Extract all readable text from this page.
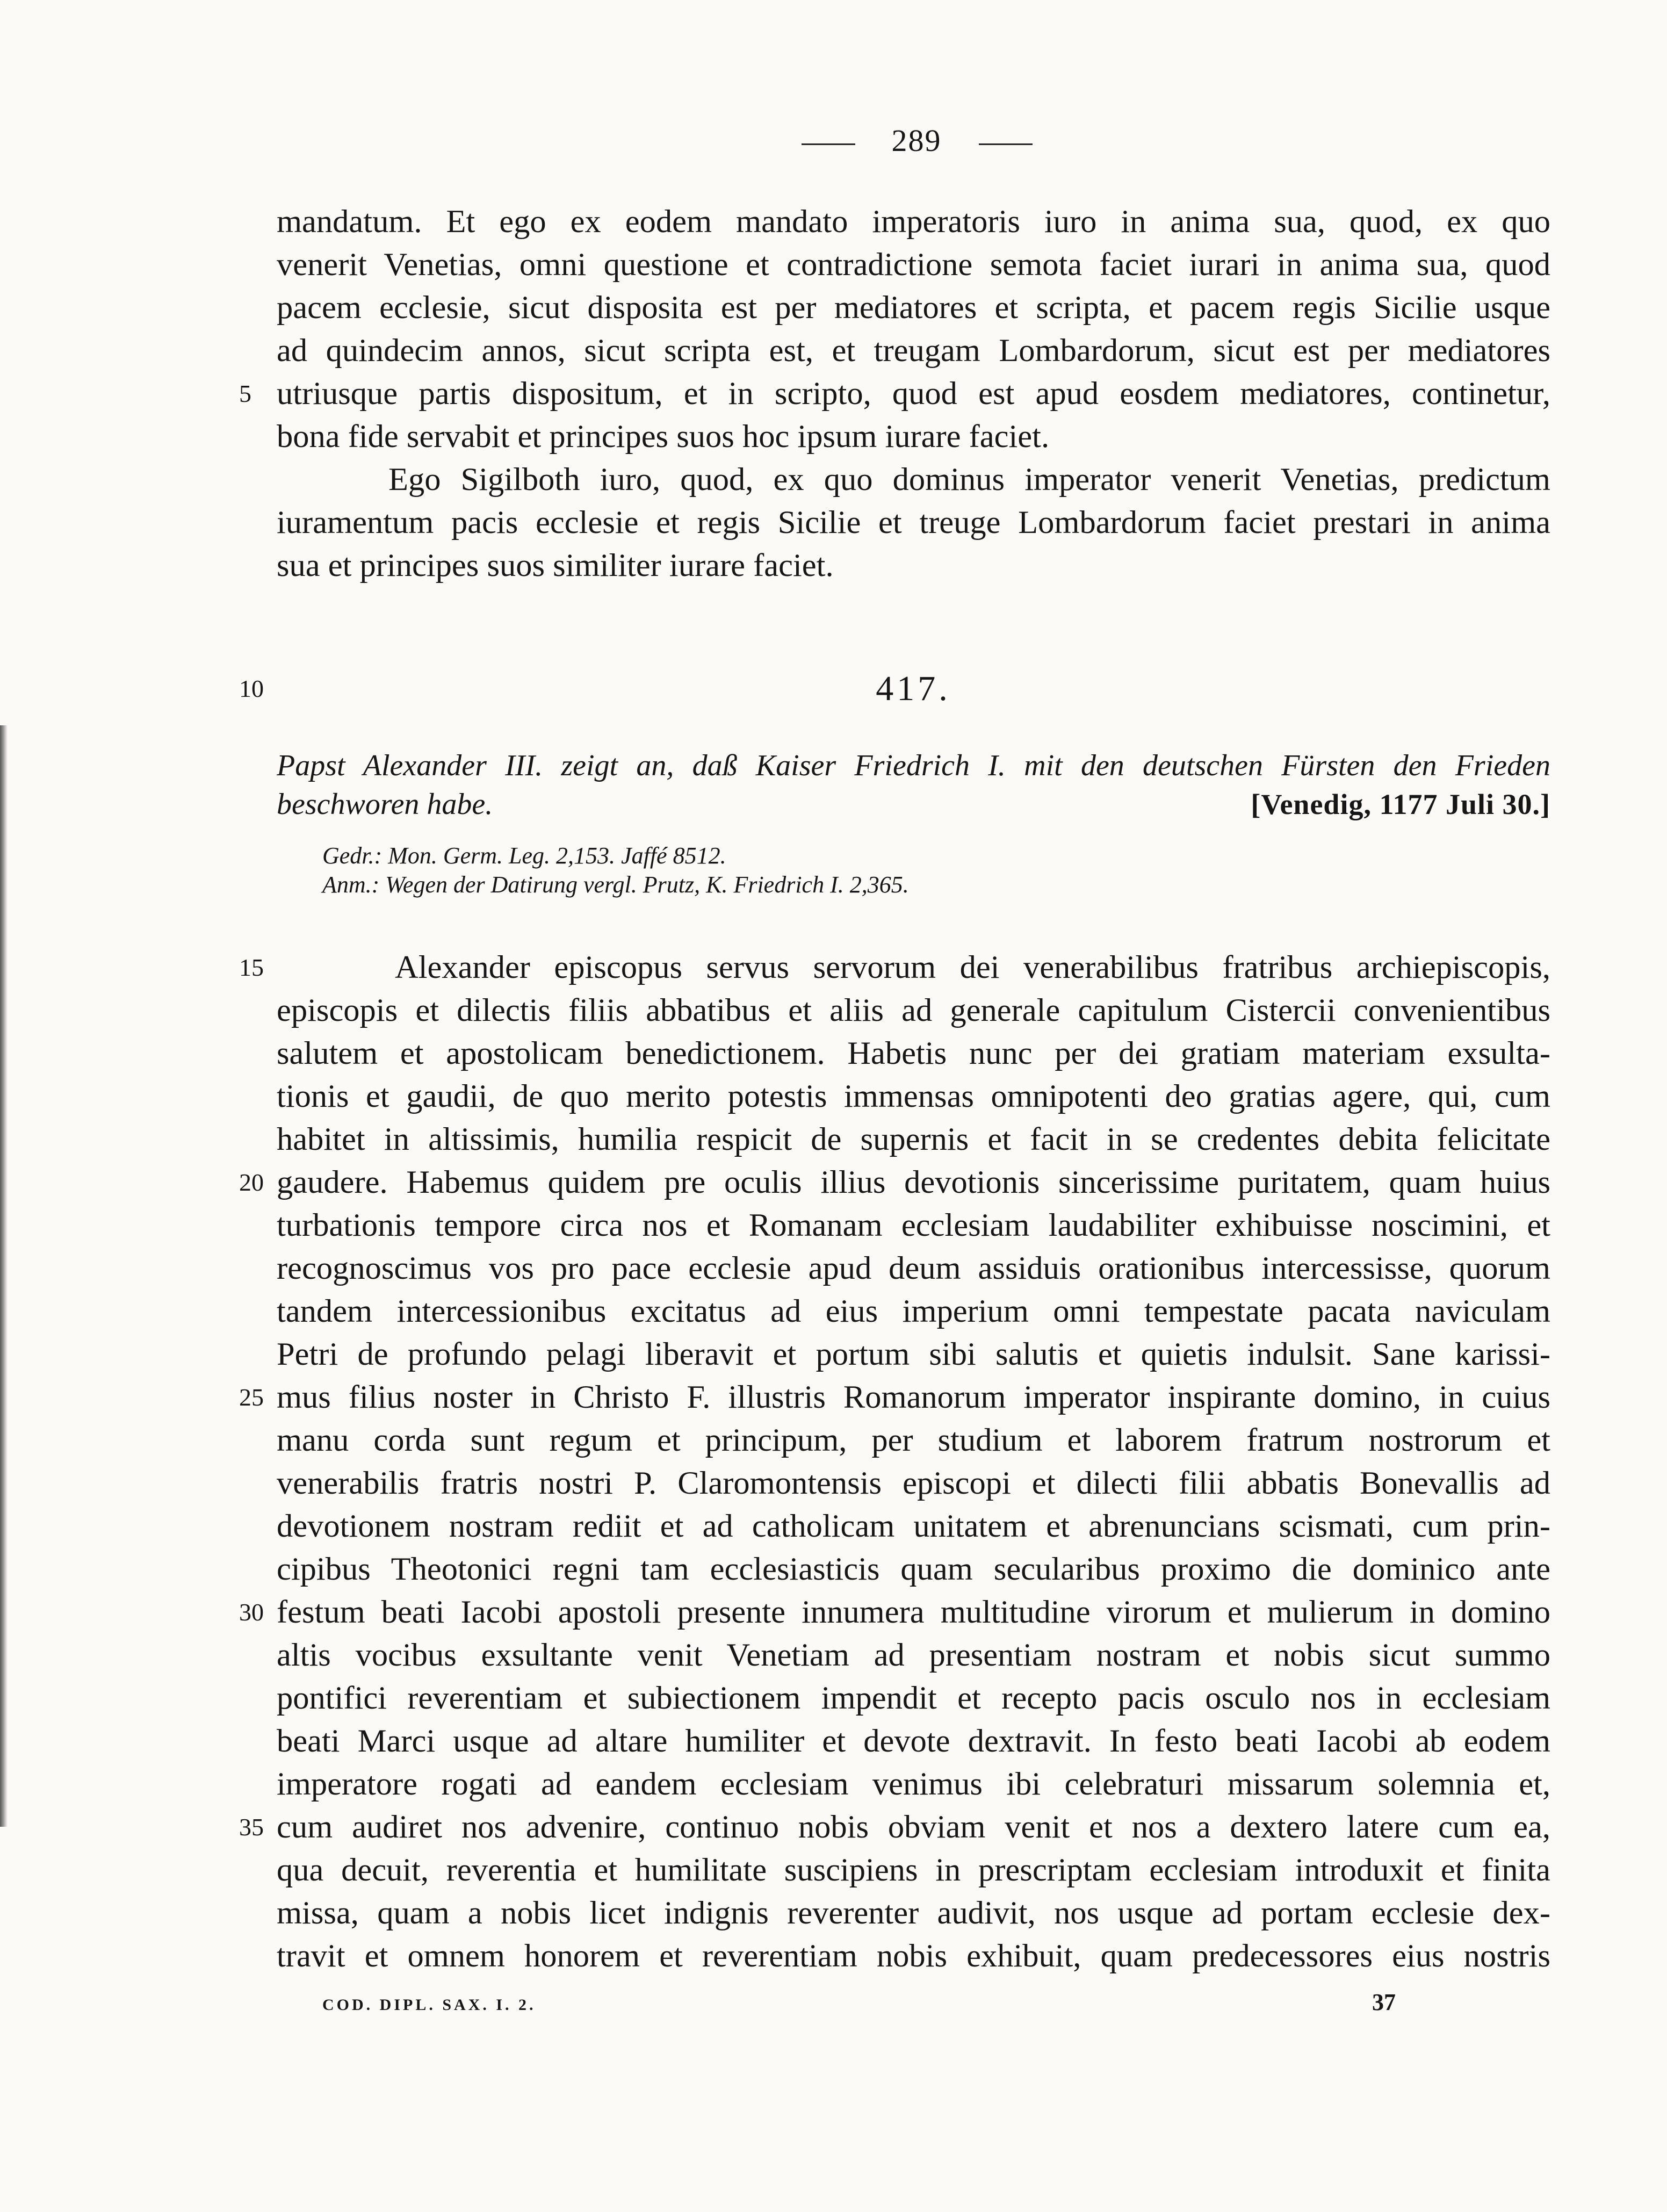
289
mandatum. Et ego ex eodem mandato imperatoris iuro in anima sua, quod, ex quo
venerit Venetias, omni questione et contradictione semota faciet iurari in anima sua, quod
pacem ecclesie, sicut disposita est per mediatores et scripta, et pacem regis Sicilie usque
ad quindecim annos, sicut scripta est, et treugam Lombardorum, sicut est per mediatores
utriusque partis dispositum, et in scripto, quod est apud eosdem mediatores, continetur,
bona fide servabit et principes suos hoc ipsum iurare faciet.
Ego Sigilboth iuro, quod, ex quo dominus imperator venerit Venetias, predictum
iuramentum pacis ecclesie et regis Sicilie et treuge Lombardorum faciet prestari in anima
sua et principes suos similiter iurare faciet.
5
10
15
20
25
30
35
417.
Papst Alexander III. zeigt an, daß Kaiser Friedrich I. mit den deutschen Fürsten den Frieden
beschworen habe.	[Venedig, 1177 Juli 30.]
Gedr.: Mon. Germ. Leg. 2,153. Jaffé 8512.
Anm.: Wegen der Datirung vergl. Prutz, K. Friedrich I. 2,365.
Alexander episcopus servus servorum dei venerabilibus fratribus archiepiscopis,
episcopis et dilectis filiis abbatibus et aliis ad generale capitulum Cistercii convenientibus
salutem et apostolicam benedictionem. Habetis nunc per dei gratiam materiam exsulta-
tionis et gaudii, de quo merito potestis immensas omnipotenti deo gratias agere, qui, cum
habitet in altissimis, humilia respicit de supernis et facit in se credentes debita felicitate
gaudere. Habemus quidem pre oculis illius devotionis sincerissime puritatem, quam huius
turbationis tempore circa nos et Romanam ecclesiam laudabiliter exhibuisse noscimini, et
recognoscimus vos pro pace ecclesie apud deum assiduis orationibus intercessisse, quorum
tandem intercessionibus excitatus ad eius imperium omni tempestate pacata naviculam
Petri de profundo pelagi liberavit et portum sibi salutis et quietis indulsit. Sane karissi-
mus filius noster in Christo F. illustris Romanorum imperator inspirante domino, in cuius
manu corda sunt regum et principum, per studium et laborem fratrum nostrorum et
venerabilis fratris nostri P. Claromontensis episcopi et dilecti filii abbatis Bonevallis ad
devotionem nostram rediit et ad catholicam unitatem et abrenuncians scismati, cum prin-
cipibus Theotonici regni tam ecclesiasticis quam secularibus proximo die dominico ante
festum beati Iacobi apostoli presente innumera multitudine virorum et mulierum in domino
altis vocibus exsultante venit Venetiam ad presentiam nostram et nobis sicut summo
pontifici reverentiam et subiectionem impendit et recepto pacis osculo nos in ecclesiam
beati Marci usque ad altare humiliter et devote dextravit. In festo beati Iacobi ab eodem
imperatore rogati ad eandem ecclesiam venimus ibi celebraturi missarum solemnia et,
cum audiret nos advenire, continuo nobis obviam venit et nos a dextero latere cum ea,
qua decuit, reverentia et humilitate suscipiens in prescriptam ecclesiam introduxit et finita
missa, quam a nobis licet indignis reverenter audivit, nos usque ad portam ecclesie dex-
travit et omnem honorem et reverentiam nobis exhibuit, quam predecessores eius nostris
COD. DIPL. SAX. I. 2.	37
